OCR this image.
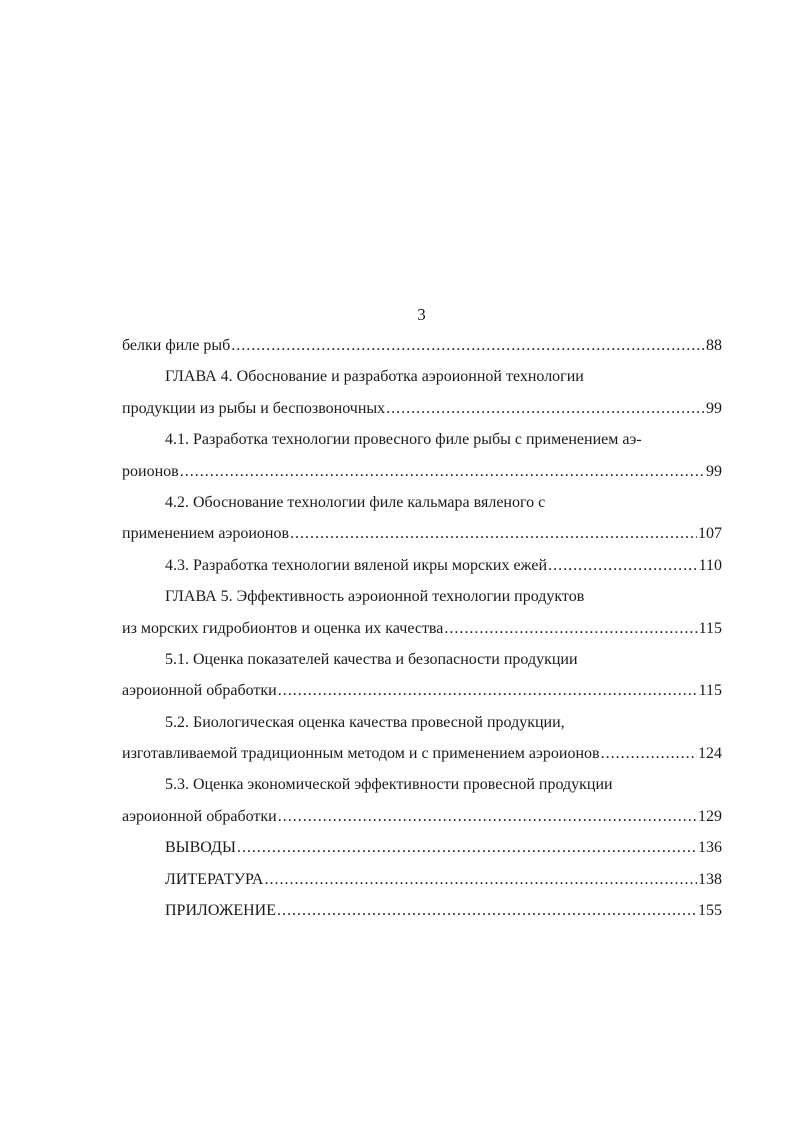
3
белки филе рыб .....	88
ГЛАВА 4. Обоснование и разработка аэроионной технологии
продукции из рыбы и беспозвоночных .....	99
4.1. Разработка технологии провесного филе рыбы с применением аэ-
роионов .....	99
4.2. Обоснование технологии филе кальмара вяленого с
применением аэроионов .....	107
4.3. Разработка технологии вяленой икры морских ежей .....	110
ГЛАВА 5. Эффективность аэроионной технологии продуктов
из морских гидробионтов и оценка их качества .....	115
5.1. Оценка показателей качества и безопасности продукции
аэроионной обработки .....	115
5.2. Биологическая оценка качества провесной продукции,
изготавливаемой традиционным методом и с применением аэроионов .....	124
5.3. Оценка экономической эффективности провесной продукции
аэроионной обработки .....	129
ВЫВОДЫ .....	136
ЛИТЕРАТУРА .....	138
ПРИЛОЖЕНИЕ .....	155
